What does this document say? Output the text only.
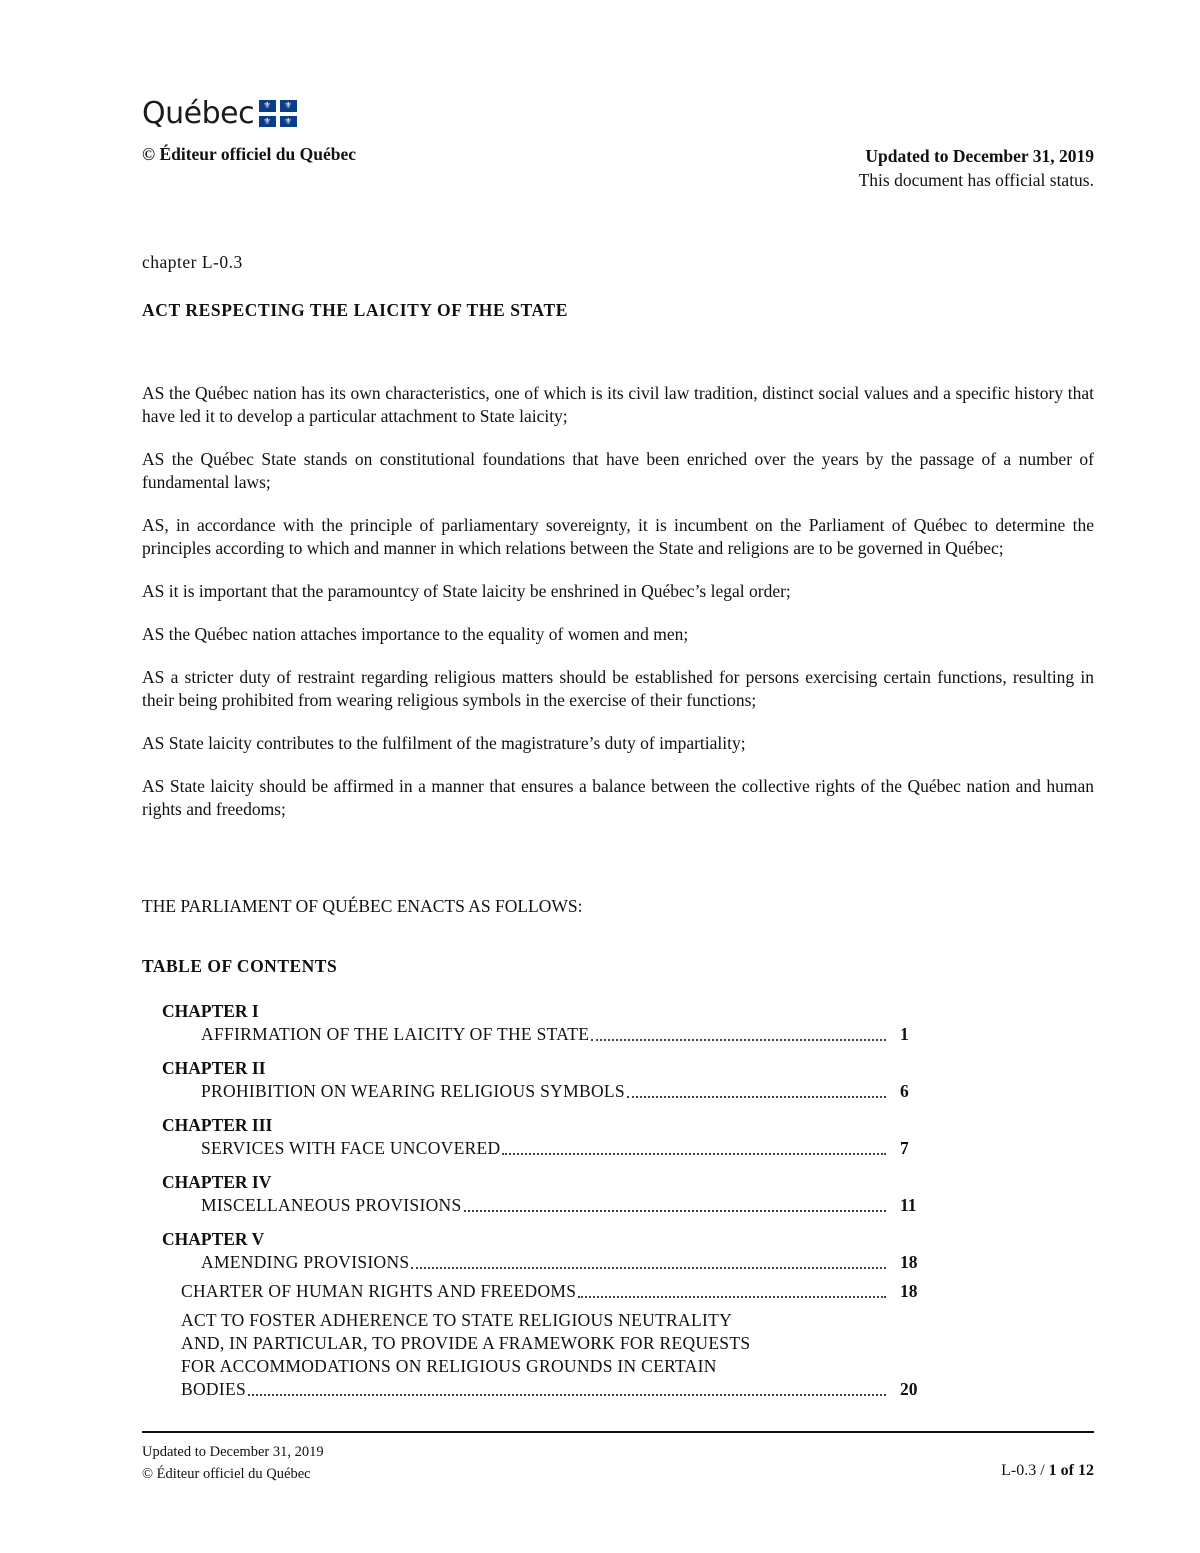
Québec ⚜ ⚜
⚜ ⚜
© Éditeur officiel du Québec	Updated to December 31, 2019
This document has official status.
chapter L-0.3
ACT RESPECTING THE LAICITY OF THE STATE

AS the Québec nation has its own characteristics, one of which is its civil law tradition, distinct social values and a specific history that have led it to develop a particular attachment to State laicity;

AS the Québec State stands on constitutional foundations that have been enriched over the years by the passage of a number of fundamental laws;

AS, in accordance with the principle of parliamentary sovereignty, it is incumbent on the Parliament of Québec to determine the principles according to which and manner in which relations between the State and religions are to be governed in Québec;

AS it is important that the paramountcy of State laicity be enshrined in Québec’s legal order;

AS the Québec nation attaches importance to the equality of women and men;

AS a stricter duty of restraint regarding religious matters should be established for persons exercising certain functions, resulting in their being prohibited from wearing religious symbols in the exercise of their functions;

AS State laicity contributes to the fulfilment of the magistrature’s duty of impartiality;

AS State laicity should be affirmed in a manner that ensures a balance between the collective rights of the Québec nation and human rights and freedoms;

THE PARLIAMENT OF QUÉBEC ENACTS AS FOLLOWS:
TABLE OF CONTENTS
CHAPTER I
AFFIRMATION OF THE LAICITY OF THE STATE	1
CHAPTER II
PROHIBITION ON WEARING RELIGIOUS SYMBOLS	6
CHAPTER III
SERVICES WITH FACE UNCOVERED	7
CHAPTER IV
MISCELLANEOUS PROVISIONS	11
CHAPTER V
AMENDING PROVISIONS	18
CHARTER OF HUMAN RIGHTS AND FREEDOMS	18
ACT TO FOSTER ADHERENCE TO STATE RELIGIOUS NEUTRALITY
AND, IN PARTICULAR, TO PROVIDE A FRAMEWORK FOR REQUESTS
FOR ACCOMMODATIONS ON RELIGIOUS GROUNDS IN CERTAIN
BODIES	20
Updated to December 31, 2019
© Éditeur officiel du Québec	L-0.3 / 1 of 12
